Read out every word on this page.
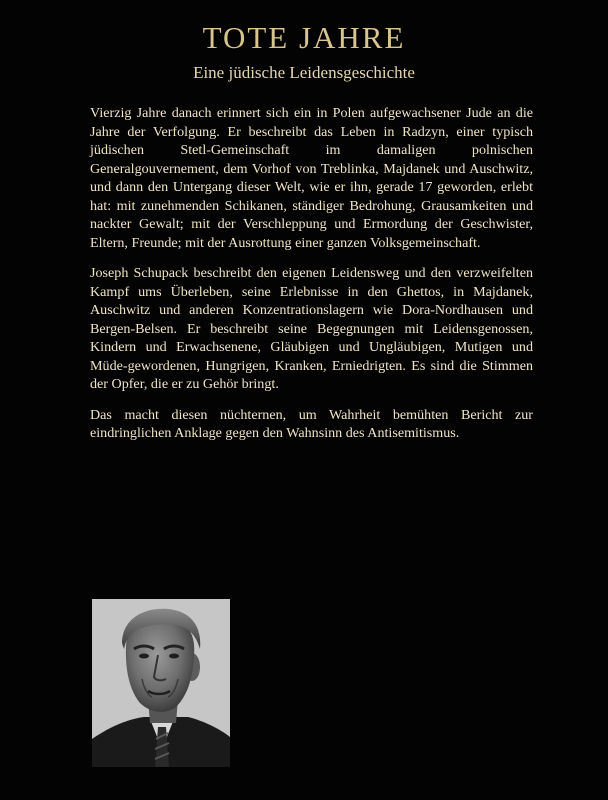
TOTE JAHRE

Eine jüdische Leidensgeschichte

Vierzig Jahre danach erinnert sich ein in Polen aufgewachsener Jude an die Jahre der Verfolgung. Er beschreibt das Leben in Radzyn, einer typisch jüdischen Stetl-Gemeinschaft im damaligen polnischen Generalgouvernement, dem Vorhof von Treblinka, Majdanek und Auschwitz, und dann den Untergang dieser Welt, wie er ihn, gerade 17 geworden, erlebt hat: mit zunehmenden Schikanen, ständiger Bedrohung, Grausamkeiten und nackter Gewalt; mit der Verschleppung und Ermordung der Geschwister, Eltern, Freunde; mit der Ausrottung einer ganzen Volksgemeinschaft.

Joseph Schupack beschreibt den eigenen Leidensweg und den verzweifelten Kampf ums Überleben, seine Erlebnisse in den Ghettos, in Majdanek, Auschwitz und anderen Konzentrationslagern wie Dora-Nordhausen und Bergen-Belsen. Er beschreibt seine Begegnungen mit Leidensgenossen, Kindern und Erwachsenene, Gläubigen und Ungläubigen, Mutigen und Müde-gewordenen, Hungrigen, Kranken, Erniedrigten. Es sind die Stimmen der Opfer, die er zu Gehör bringt.

Das macht diesen nüchternen, um Wahrheit bemühten Bericht zur eindringlichen Anklage gegen den Wahnsinn des Antisemitismus.
